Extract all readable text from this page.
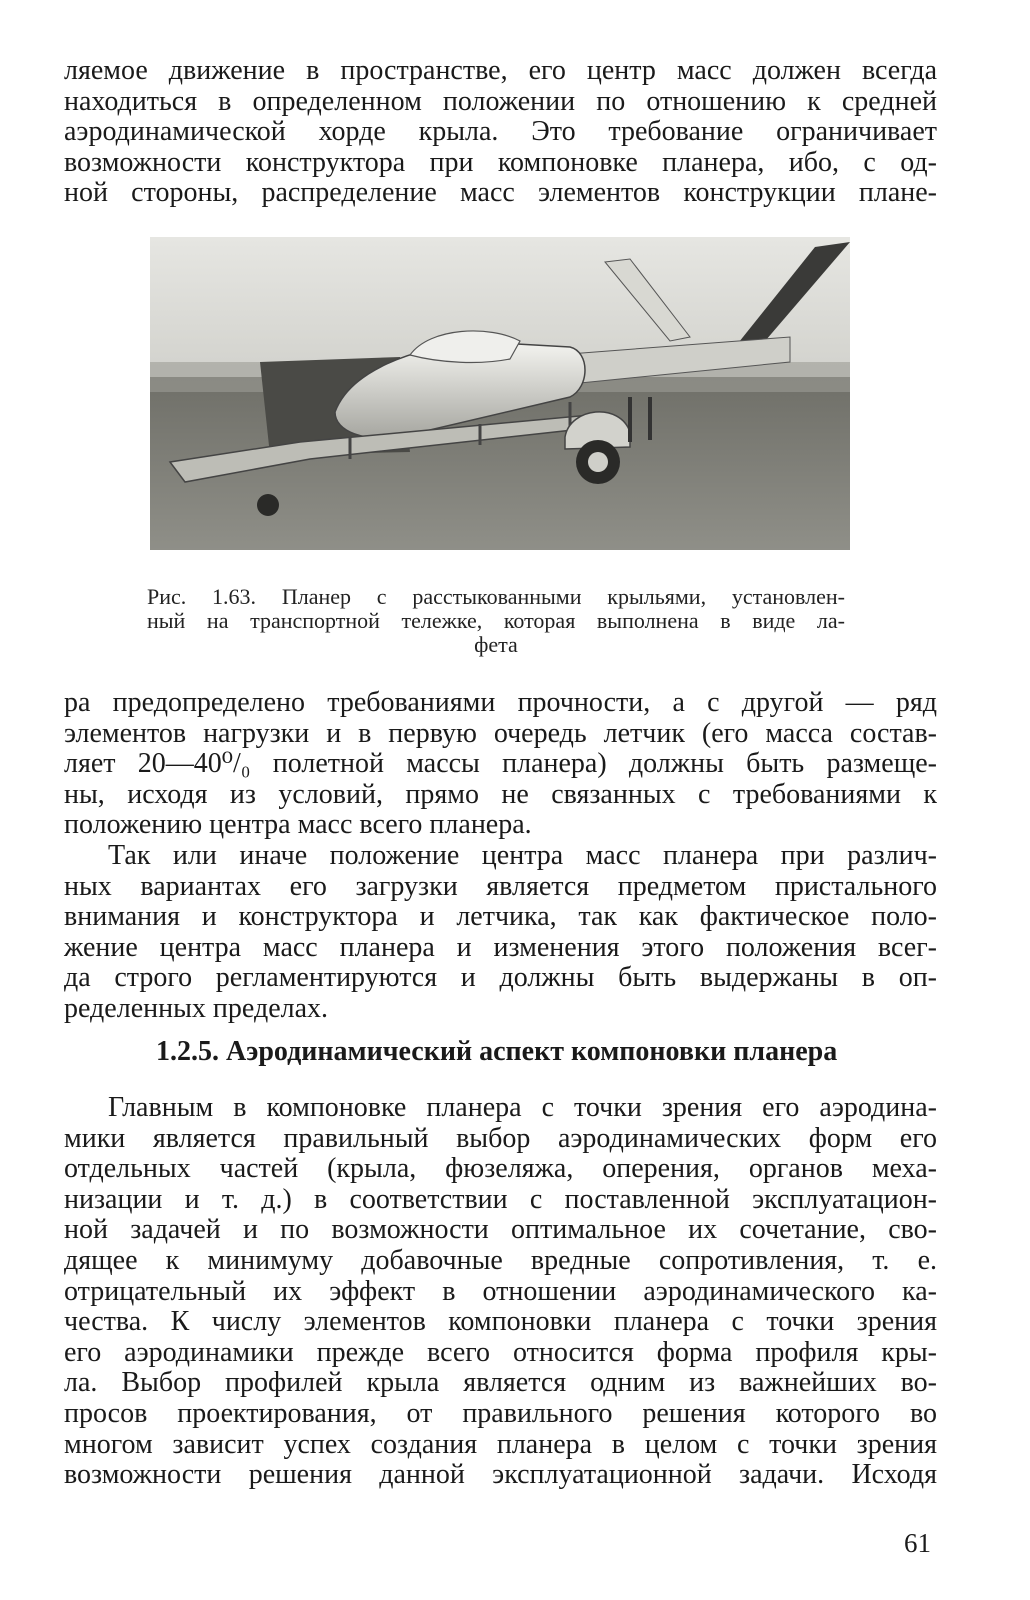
ляемое движение в пространстве, его центр масс должен всегда
находиться в определенном положении по отношению к средней
аэродинамической хорде крыла. Это требование ограничивает
возможности конструктора при компоновке планера, ибо, с од-
ной стороны, распределение масс элементов конструкции плане-
Рис. 1.63. Планер с расстыкованными крыльями, установлен-
ный на транспортной тележке, которая выполнена в виде ла-
фета
ра предопределено требованиями прочности, а с другой — ряд
элементов нагрузки и в первую очередь летчик (его масса состав-
ляет 20—40⁰/₀ полетной массы планера) должны быть размеще-
ны, исходя из условий, прямо не связанных с требованиями к
положению центра масс всего планера.
Так или иначе положение центра масс планера при различ-
ных вариантах его загрузки является предметом пристального
внимания и конструктора и летчика, так как фактическое поло-
жение центра масс планера и изменения этого положения всег-
да строго регламентируются и должны быть выдержаны в оп-
ределенных пределах.
1.2.5. Аэродинамический аспект компоновки планера
Главным в компоновке планера с точки зрения его аэродина-
мики является правильный выбор аэродинамических форм его
отдельных частей (крыла, фюзеляжа, оперения, органов меха-
низации и т. д.) в соответствии с поставленной эксплуатацион-
ной задачей и по возможности оптимальное их сочетание, сво-
дящее к минимуму добавочные вредные сопротивления, т. е.
отрицательный их эффект в отношении аэродинамического ка-
чества. К числу элементов компоновки планера с точки зрения
его аэродинамики прежде всего относится форма профиля кры-
ла. Выбор профилей крыла является одним из важнейших во-
просов проектирования, от правильного решения которого во
многом зависит успех создания планера в целом с точки зрения
возможности решения данной эксплуатационной задачи. Исходя
61
